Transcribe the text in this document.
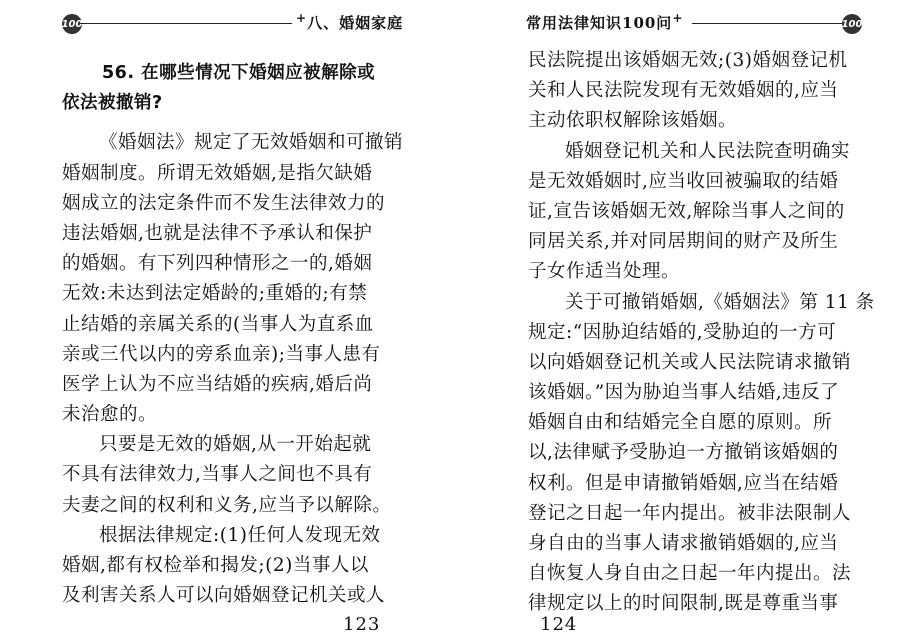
100	+八、婚姻家庭
56. 在哪些情况下婚姻应被解除或
依法被撤销?
《婚姻法》规定了无效婚姻和可撤销
婚姻制度。所谓无效婚姻,是指欠缺婚
姻成立的法定条件而不发生法律效力的
违法婚姻,也就是法律不予承认和保护
的婚姻。有下列四种情形之一的,婚姻
无效:未达到法定婚龄的;重婚的;有禁
止结婚的亲属关系的(当事人为直系血
亲或三代以内的旁系血亲);当事人患有
医学上认为不应当结婚的疾病,婚后尚
未治愈的。
只要是无效的婚姻,从一开始起就
不具有法律效力,当事人之间也不具有
夫妻之间的权利和义务,应当予以解除。
根据法律规定:(1)任何人发现无效
婚姻,都有权检举和揭发;(2)当事人以
及利害关系人可以向婚姻登记机关或人
123
常用法律知识100问+	100
民法院提出该婚姻无效;(3)婚姻登记机
关和人民法院发现有无效婚姻的,应当
主动依职权解除该婚姻。
婚姻登记机关和人民法院查明确实
是无效婚姻时,应当收回被骗取的结婚
证,宣告该婚姻无效,解除当事人之间的
同居关系,并对同居期间的财产及所生
子女作适当处理。
关于可撤销婚姻,《婚姻法》第 11 条
规定:“因胁迫结婚的,受胁迫的一方可
以向婚姻登记机关或人民法院请求撤销
该婚姻。”因为胁迫当事人结婚,违反了
婚姻自由和结婚完全自愿的原则。所
以,法律赋予受胁迫一方撤销该婚姻的
权利。但是申请撤销婚姻,应当在结婚
登记之日起一年内提出。被非法限制人
身自由的当事人请求撤销婚姻的,应当
自恢复人身自由之日起一年内提出。法
律规定以上的时间限制,既是尊重当事
124
